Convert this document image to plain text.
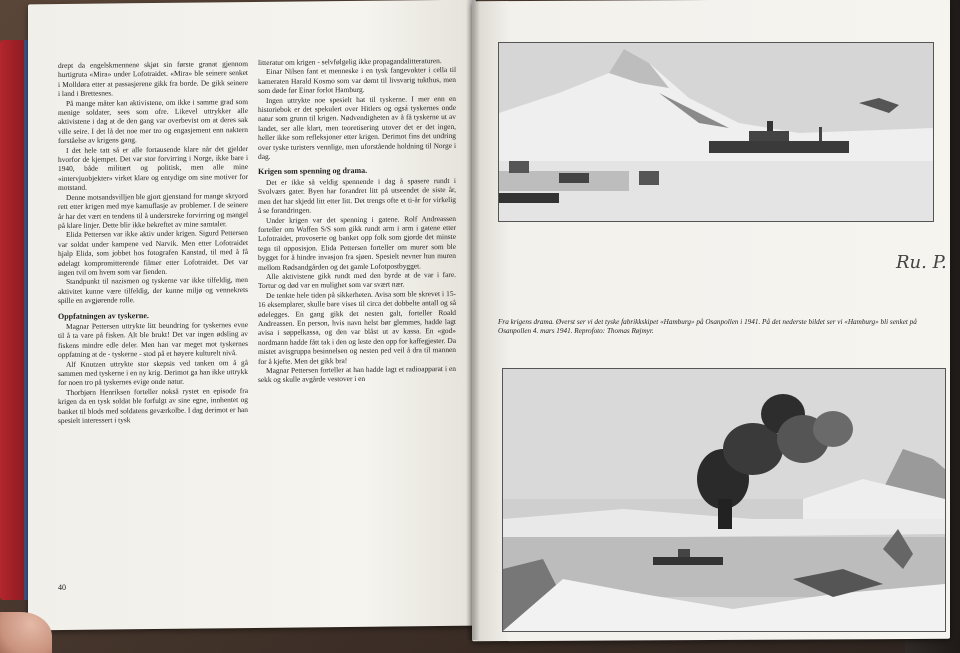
drept da engelskmennene skjøt sin første granat gjennom hurtigruta «Mira» under Lofotraidet. «Mira» ble seinere senket i Molldøra etter at passasjerene gikk fra borde. De gikk seinere i land i Brettesnes.

På mange måter kan aktivistene, om ikke i samme grad som menige soldater, sees som ofre. Likevel uttrykker alle aktivistene i dag at de den gang var overbevist om at deres sak ville seire. I det lå det noe mer tro og engasjement enn naktern forståelse av krigens gang.

I det hele tatt så er alle fortausende klare når det gjelder hvorfor de kjempet. Det var stor forvirring i Norge, ikke bare i 1940, både militært og politisk, men alle mine «intervjuobjekter» virket klare og entydige om sine motiver for motstand.

Denne motsandsvilljen ble gjort gjenstand for mange skryord rett etter krigen med mye kamuflasje av problemer. I de seinere år har det vært en tendens til å understreke forvirring og mangel på klare linjer. Dette blir ikke bekreftet av mine samtaler.

Elida Pettersen var ikke aktiv under krigen. Sigurd Pettersen var soldat under kampene ved Narvik. Men etter Lofotraidet hjalp Elida, som jobbet hos fotografen Kanstad, til med å få ødelagt kompromitterende filmer etter Lofotraidet. Det var ingen tvil om hvem som var fienden.

Standpunkt til nazismen og tyskerne var ikke tilfeldig, men aktivitet kunne være tilfeldig, der kunne miljø og vennekrets spille en avgjørende rolle.

Oppfatningen av tyskerne.

Magnar Pettersen uttrykte litt beundring for tyskernes evne til å ta vare på fisken. Alt ble brukt! Det var ingen ødsling av fiskens mindre edle deler. Men han var meget mot tyskernes oppfatning at de - tyskerne - stod på et høyere kulturelt nivå.

Alf Knutzen uttrykte stor skepsis ved tanken om å gå sammen med tyskerne i en ny krig. Derimot ga han ikke uttrykk for noen tro på tyskernes evige onde natur.

Thorbjørn Henriksen forteller nokså rystet en episode fra krigen da en tysk soldat ble forfulgt av sine egne, innhentet og banket til blods med soldatens geværkolbe. I dag derimot er han spesielt interessert i tysk

litteratur om krigen - selvfølgelig ikke propagandalitteraturen.

Einar Nilsen fant et menneske i en tysk fangevokter i cella til kameraten Harald Kosmo som var dømt til livsvarig tukthus, men som døde før Einar forlot Hamburg.

Ingen uttrykte noe spesielt hat til tyskerne. I mer enn en historiebok er det spekulert over Hitlers og ogsá tyskernes onde natur som grunn til krigen. Nødvendigheten av å få tyskerne ut av landet, ser alle klart, men teoretisering utover det er det ingen, heller ikke som refleksjoner etter krigen. Derimot fins det undring over tyske turisters vennlige, men uforstående holdning til Norge i dag.

Krigen som spenning og drama.

Det er ikke så veldig spennende i dag å spasere rundt i Svolværs gater. Byen har forandret litt på utseendet de siste år, men det har skjedd litt etter litt. Det trengs ofte et ti-år for virkelig å se forandringen.

Under krigen var det spenning i gatene. Rolf Andreassen forteller om Waffen S/S som gikk rundt arm i arm i gatene etter Lofotraidet, provoserte og banket opp folk som gjorde det minste tegn til opposisjon. Elida Pettersen forteller om murer som ble bygget for å hindre invasjon fra sjøen. Spesielt nevner hun muren mellom Rødsandgården og det gamle Lofotpostbygget.

Alle aktivistene gikk rundt med den byrde at de var i fare. Tortur og død var en mulighet som var svært nær.

De tenkte hele tiden på sikkerheten. Avisa som ble skrevet i 15-16 eksemplarer, skulle bare vises til circa det dobbelte antall og så ødelegges. En gang gikk det nesten galt, forteller Roald Andreassen. En person, hvis navn helst bør glemmes, hadde lagt avisa i søppelkassa, og den var blåst ut av kassa. En «god» nordmann hadde fått tak i den og leste den opp for kaffegjester. Da mistet avisgruppa besinnelsen og nesten ped veil å dra til mannen for å kjefte. Men det gikk bra!

Magnar Pettersen forteller at han hadde lagt et radioapparat i en sekk og skulle avgårde vestover i en

40
Ru. P.
Fra krigens drama. Øverst ser vi det tyske fabrikkskipet «Hamburg» på Osanpollen i 1941. På det nederste bildet ser vi «Hamburg» bli senket på Osanpollen 4. mars 1941. Reprofoto: Thomas Røjmyr.
